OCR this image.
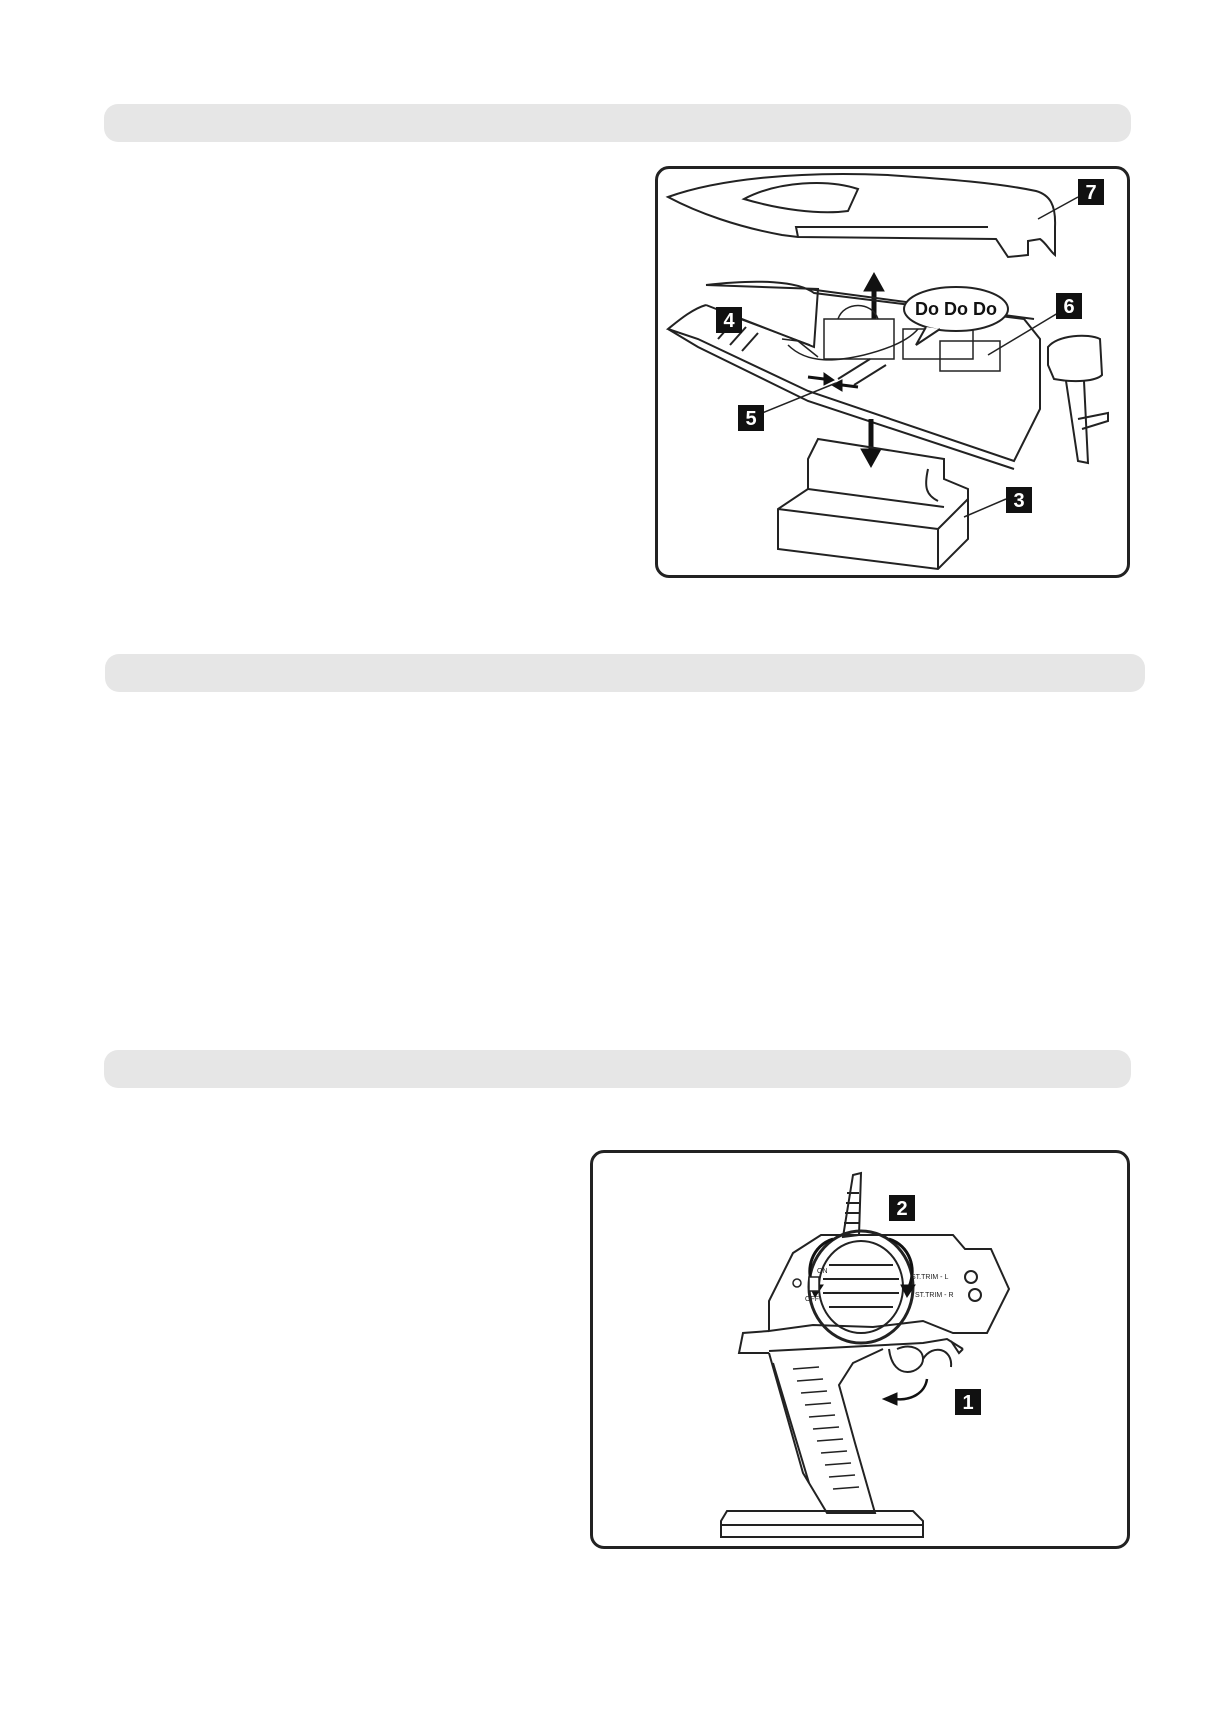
Do Do Do
7
6
4
5
3
ON
OFF
ST.TRIM - L
ST.TRIM - R
2
1
